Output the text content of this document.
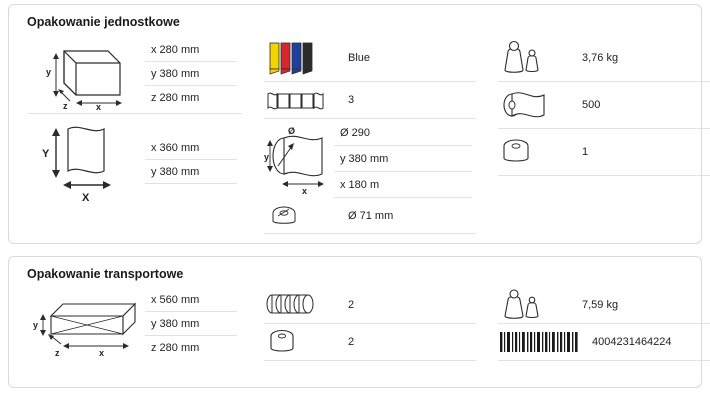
Opakowanie jednostkowe
y
x
z
x 280 mm
y 380 mm
z 280 mm
Y
X
x 360 mm
y 380 mm
Blue
3
Ø
y
x
Ø 290
y 380 mm
x 180 m
Ø 71 mm
3,76 kg
500
1
Opakowanie transportowe
y
x
z
x 560 mm
y 380 mm
z 280 mm
2
2
7,59 kg
4004231464224
